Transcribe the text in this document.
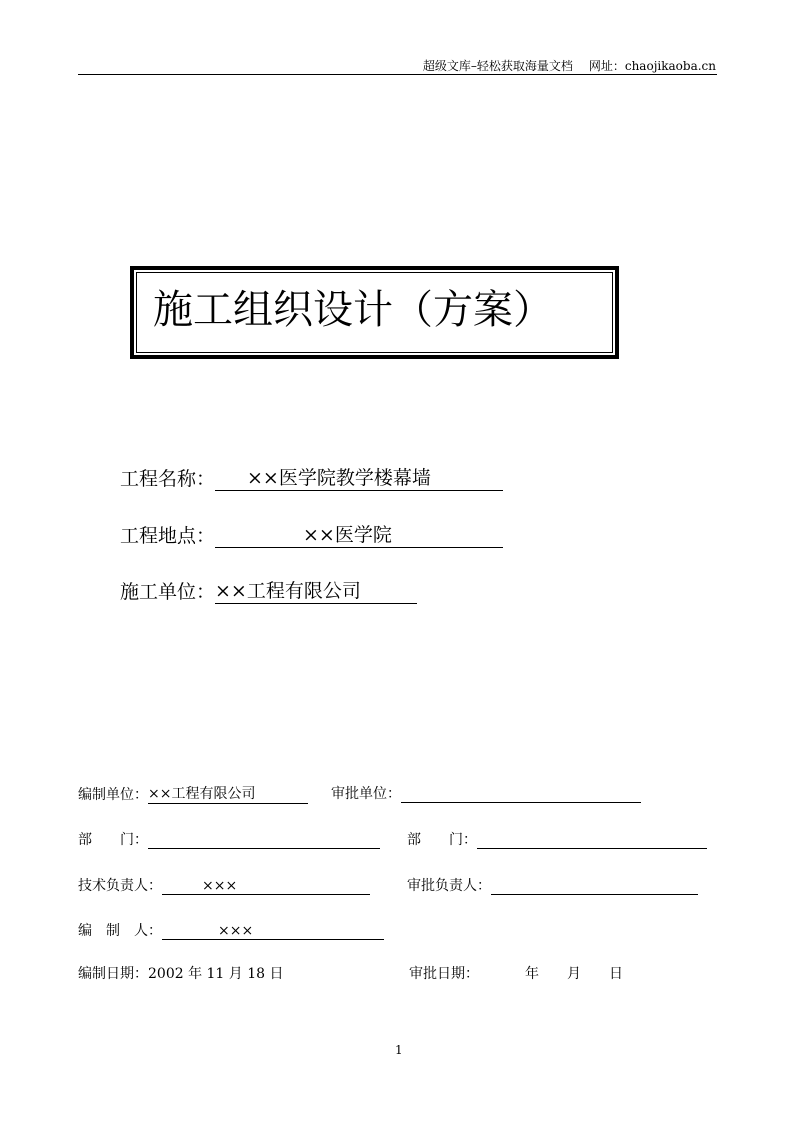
超级文库–轻松获取海量文档 网址：chaojikaoba.cn
施工组织设计（方案）
工程名称： ××医学院教学楼幕墙
工程地点：	××医学院
施工单位：××工程有限公司
编制单位：××工程有限公司	审批单位：
部　　门：	部　　门：
技术负责人：	×××	审批负责人：
编　制　人：	×××
编制日期：2002 年 11 月 18 日	审批日期：	年　　月　　日
1
